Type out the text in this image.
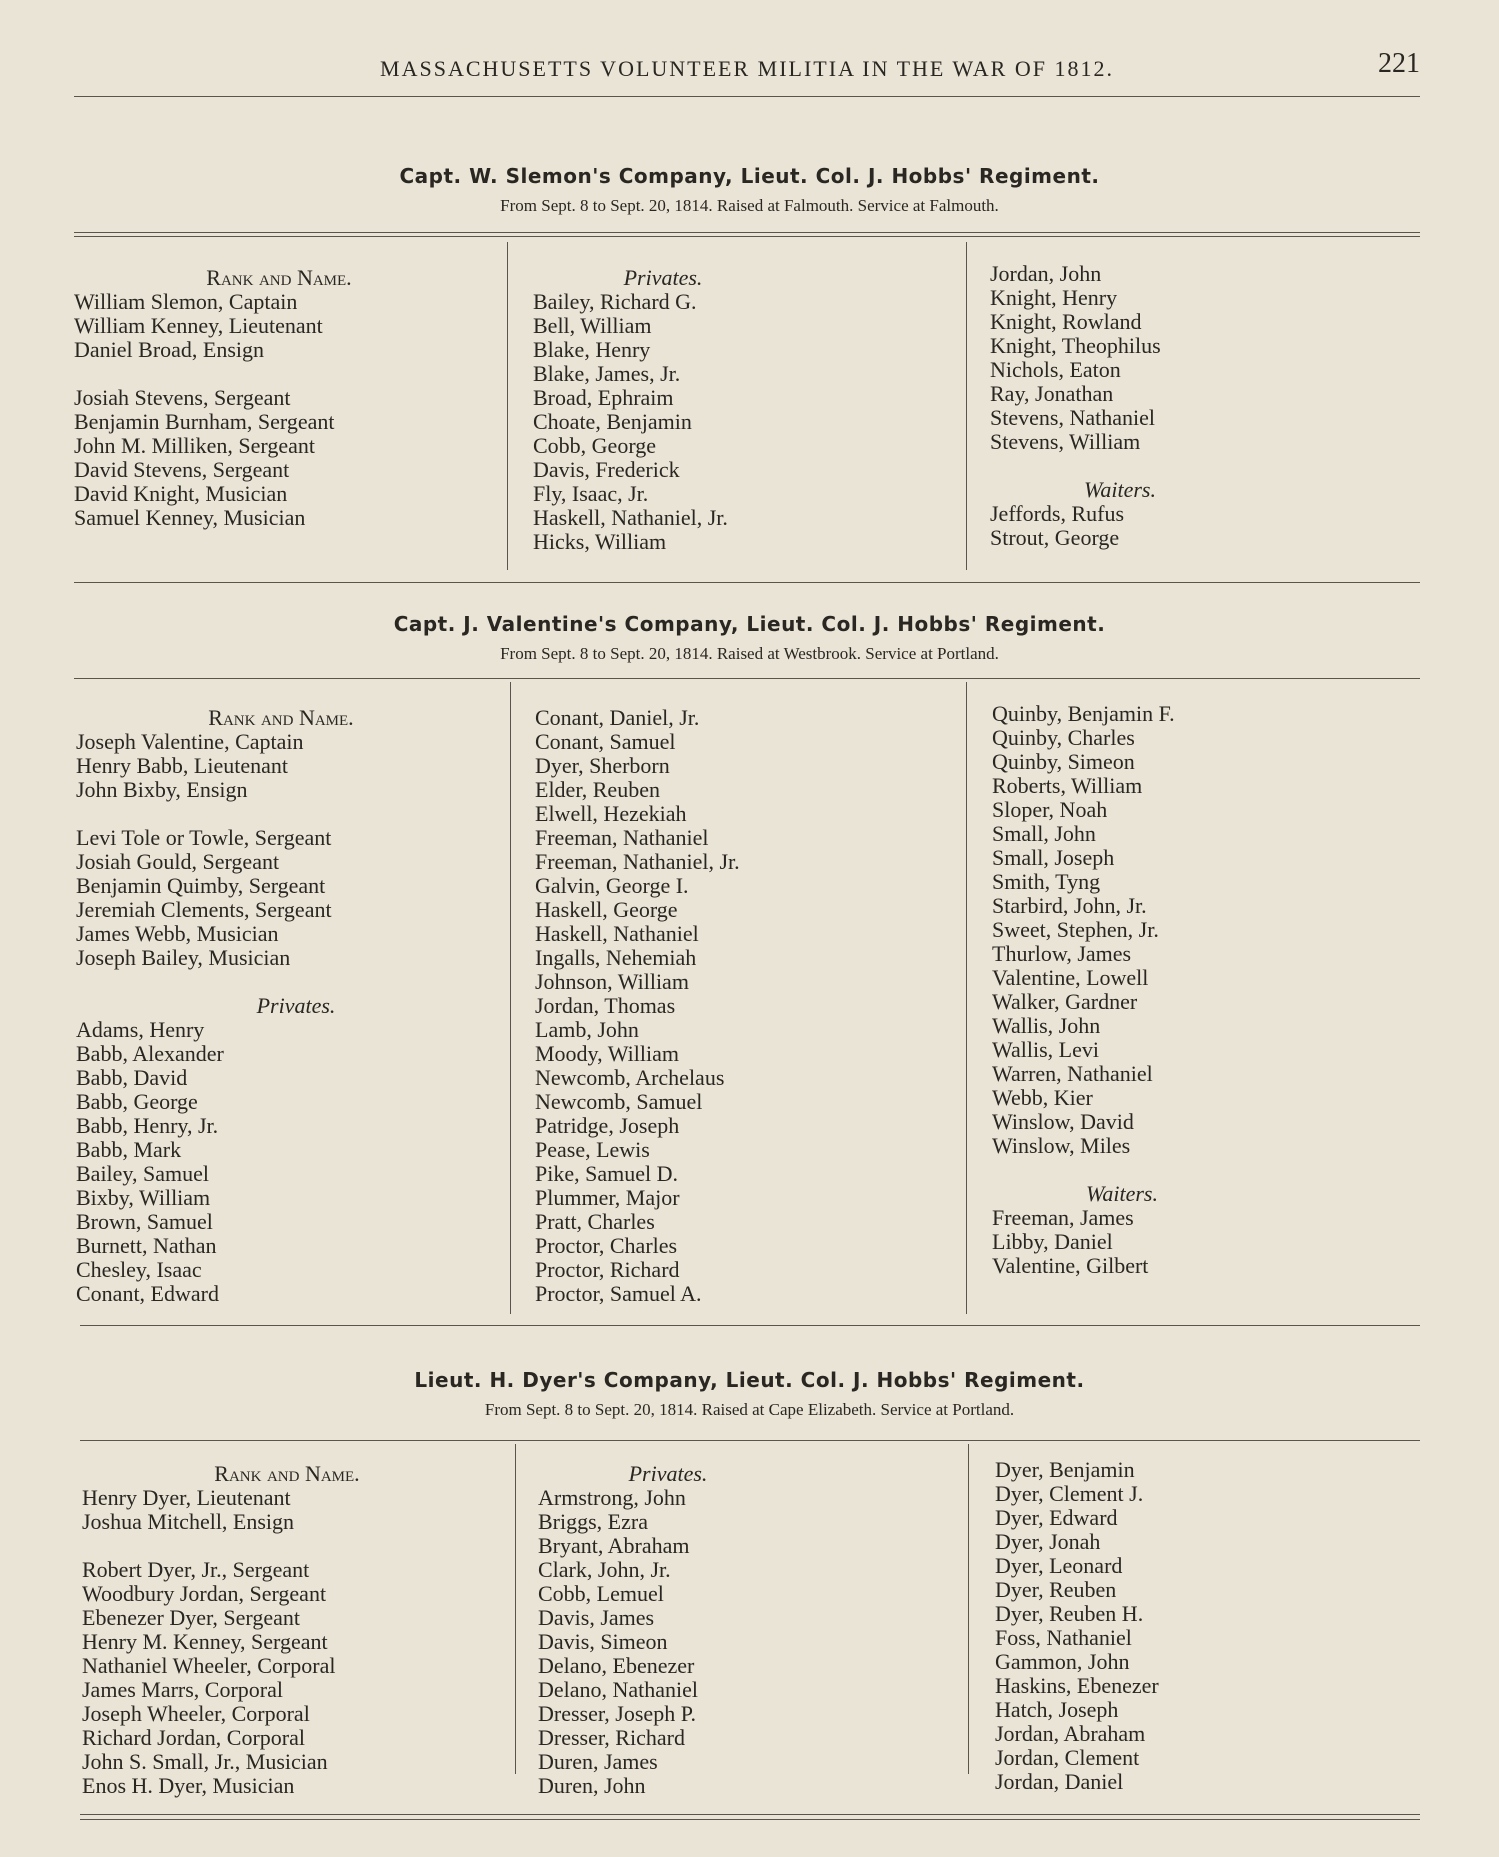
MASSACHUSETTS VOLUNTEER MILITIA IN THE WAR OF 1812.	221
Capt. W. Slemon's Company, Lieut. Col. J. Hobbs' Regiment.
From Sept. 8 to Sept. 20, 1814. Raised at Falmouth. Service at Falmouth.
Rank and Name.
William Slemon, Captain
William Kenney, Lieutenant
Daniel Broad, Ensign
Josiah Stevens, Sergeant
Benjamin Burnham, Sergeant
John M. Milliken, Sergeant
David Stevens, Sergeant
David Knight, Musician
Samuel Kenney, Musician
Privates.
Bailey, Richard G.
Bell, William
Blake, Henry
Blake, James, Jr.
Broad, Ephraim
Choate, Benjamin
Cobb, George
Davis, Frederick
Fly, Isaac, Jr.
Haskell, Nathaniel, Jr.
Hicks, William
Jordan, John
Knight, Henry
Knight, Rowland
Knight, Theophilus
Nichols, Eaton
Ray, Jonathan
Stevens, Nathaniel
Stevens, William
Waiters.
Jeffords, Rufus
Strout, George
Capt. J. Valentine's Company, Lieut. Col. J. Hobbs' Regiment.
From Sept. 8 to Sept. 20, 1814. Raised at Westbrook. Service at Portland.
Rank and Name.
Joseph Valentine, Captain
Henry Babb, Lieutenant
John Bixby, Ensign
Levi Tole or Towle, Sergeant
Josiah Gould, Sergeant
Benjamin Quimby, Sergeant
Jeremiah Clements, Sergeant
James Webb, Musician
Joseph Bailey, Musician
Privates.
Adams, Henry
Babb, Alexander
Babb, David
Babb, George
Babb, Henry, Jr.
Babb, Mark
Bailey, Samuel
Bixby, William
Brown, Samuel
Burnett, Nathan
Chesley, Isaac
Conant, Edward
Conant, Daniel, Jr.
Conant, Samuel
Dyer, Sherborn
Elder, Reuben
Elwell, Hezekiah
Freeman, Nathaniel
Freeman, Nathaniel, Jr.
Galvin, George I.
Haskell, George
Haskell, Nathaniel
Ingalls, Nehemiah
Johnson, William
Jordan, Thomas
Lamb, John
Moody, William
Newcomb, Archelaus
Newcomb, Samuel
Patridge, Joseph
Pease, Lewis
Pike, Samuel D.
Plummer, Major
Pratt, Charles
Proctor, Charles
Proctor, Richard
Proctor, Samuel A.
Quinby, Benjamin F.
Quinby, Charles
Quinby, Simeon
Roberts, William
Sloper, Noah
Small, John
Small, Joseph
Smith, Tyng
Starbird, John, Jr.
Sweet, Stephen, Jr.
Thurlow, James
Valentine, Lowell
Walker, Gardner
Wallis, John
Wallis, Levi
Warren, Nathaniel
Webb, Kier
Winslow, David
Winslow, Miles
Waiters.
Freeman, James
Libby, Daniel
Valentine, Gilbert
Lieut. H. Dyer's Company, Lieut. Col. J. Hobbs' Regiment.
From Sept. 8 to Sept. 20, 1814. Raised at Cape Elizabeth. Service at Portland.
Rank and Name.
Henry Dyer, Lieutenant
Joshua Mitchell, Ensign
Robert Dyer, Jr., Sergeant
Woodbury Jordan, Sergeant
Ebenezer Dyer, Sergeant
Henry M. Kenney, Sergeant
Nathaniel Wheeler, Corporal
James Marrs, Corporal
Joseph Wheeler, Corporal
Richard Jordan, Corporal
John S. Small, Jr., Musician
Enos H. Dyer, Musician
Privates.
Armstrong, John
Briggs, Ezra
Bryant, Abraham
Clark, John, Jr.
Cobb, Lemuel
Davis, James
Davis, Simeon
Delano, Ebenezer
Delano, Nathaniel
Dresser, Joseph P.
Dresser, Richard
Duren, James
Duren, John
Dyer, Benjamin
Dyer, Clement J.
Dyer, Edward
Dyer, Jonah
Dyer, Leonard
Dyer, Reuben
Dyer, Reuben H.
Foss, Nathaniel
Gammon, John
Haskins, Ebenezer
Hatch, Joseph
Jordan, Abraham
Jordan, Clement
Jordan, Daniel
